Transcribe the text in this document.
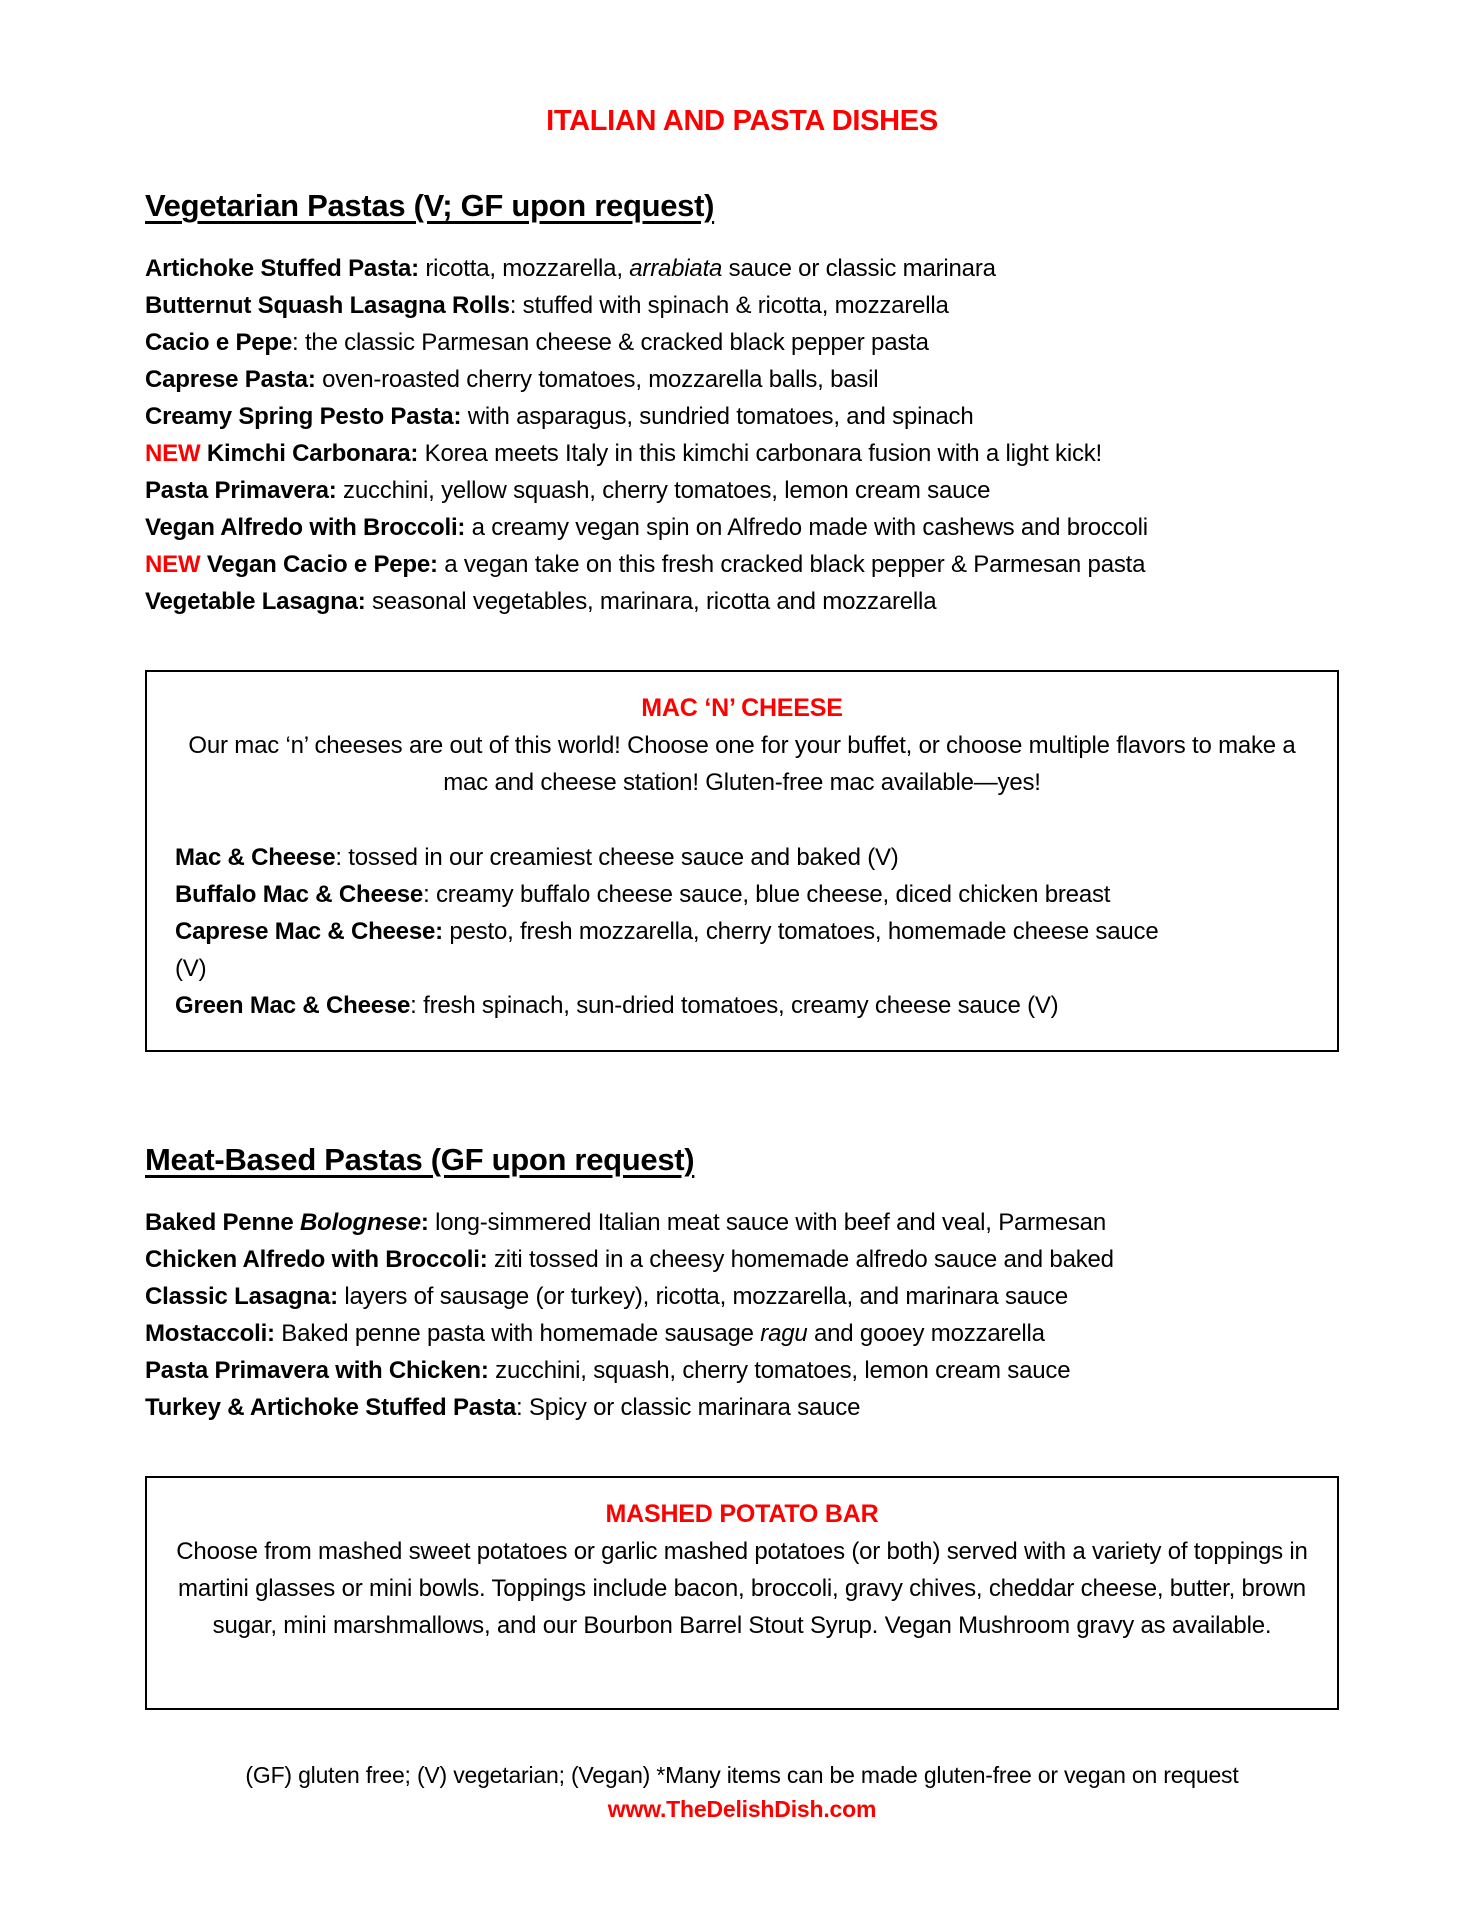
ITALIAN AND PASTA DISHES
Vegetarian Pastas (V; GF upon request)

Artichoke Stuffed Pasta: ricotta, mozzarella, arrabiata sauce or classic marinara

Butternut Squash Lasagna Rolls: stuffed with spinach & ricotta, mozzarella

Cacio e Pepe: the classic Parmesan cheese & cracked black pepper pasta

Caprese Pasta: oven-roasted cherry tomatoes, mozzarella balls, basil

Creamy Spring Pesto Pasta: with asparagus, sundried tomatoes, and spinach

NEW Kimchi Carbonara: Korea meets Italy in this kimchi carbonara fusion with a light kick!

Pasta Primavera: zucchini, yellow squash, cherry tomatoes, lemon cream sauce

Vegan Alfredo with Broccoli: a creamy vegan spin on Alfredo made with cashews and broccoli

NEW Vegan Cacio e Pepe: a vegan take on this fresh cracked black pepper & Parmesan pasta

Vegetable Lasagna: seasonal vegetables, marinara, ricotta and mozzarella

MAC ‘N’ CHEESE

Our mac ‘n’ cheeses are out of this world! Choose one for your buffet, or choose multiple flavors to make a mac and cheese station! Gluten-free mac available—yes!

Mac & Cheese: tossed in our creamiest cheese sauce and baked (V)

Buffalo Mac & Cheese: creamy buffalo cheese sauce, blue cheese, diced chicken breast

Caprese Mac & Cheese: pesto, fresh mozzarella, cherry tomatoes, homemade cheese sauce
(V)

Green Mac & Cheese: fresh spinach, sun-dried tomatoes, creamy cheese sauce (V)

Meat-Based Pastas (GF upon request)

Baked Penne Bolognese: long-simmered Italian meat sauce with beef and veal, Parmesan

Chicken Alfredo with Broccoli: ziti tossed in a cheesy homemade alfredo sauce and baked

Classic Lasagna: layers of sausage (or turkey), ricotta, mozzarella, and marinara sauce

Mostaccoli: Baked penne pasta with homemade sausage ragu and gooey mozzarella

Pasta Primavera with Chicken: zucchini, squash, cherry tomatoes, lemon cream sauce

Turkey & Artichoke Stuffed Pasta: Spicy or classic marinara sauce

MASHED POTATO BAR

Choose from mashed sweet potatoes or garlic mashed potatoes (or both) served with a variety of toppings in martini glasses or mini bowls. Toppings include bacon, broccoli, gravy chives, cheddar cheese, butter, brown sugar, mini marshmallows, and our Bourbon Barrel Stout Syrup. Vegan Mushroom gravy as available.

(GF) gluten free; (V) vegetarian; (Vegan) *Many items can be made gluten-free or vegan on request

www.TheDelishDish.com
